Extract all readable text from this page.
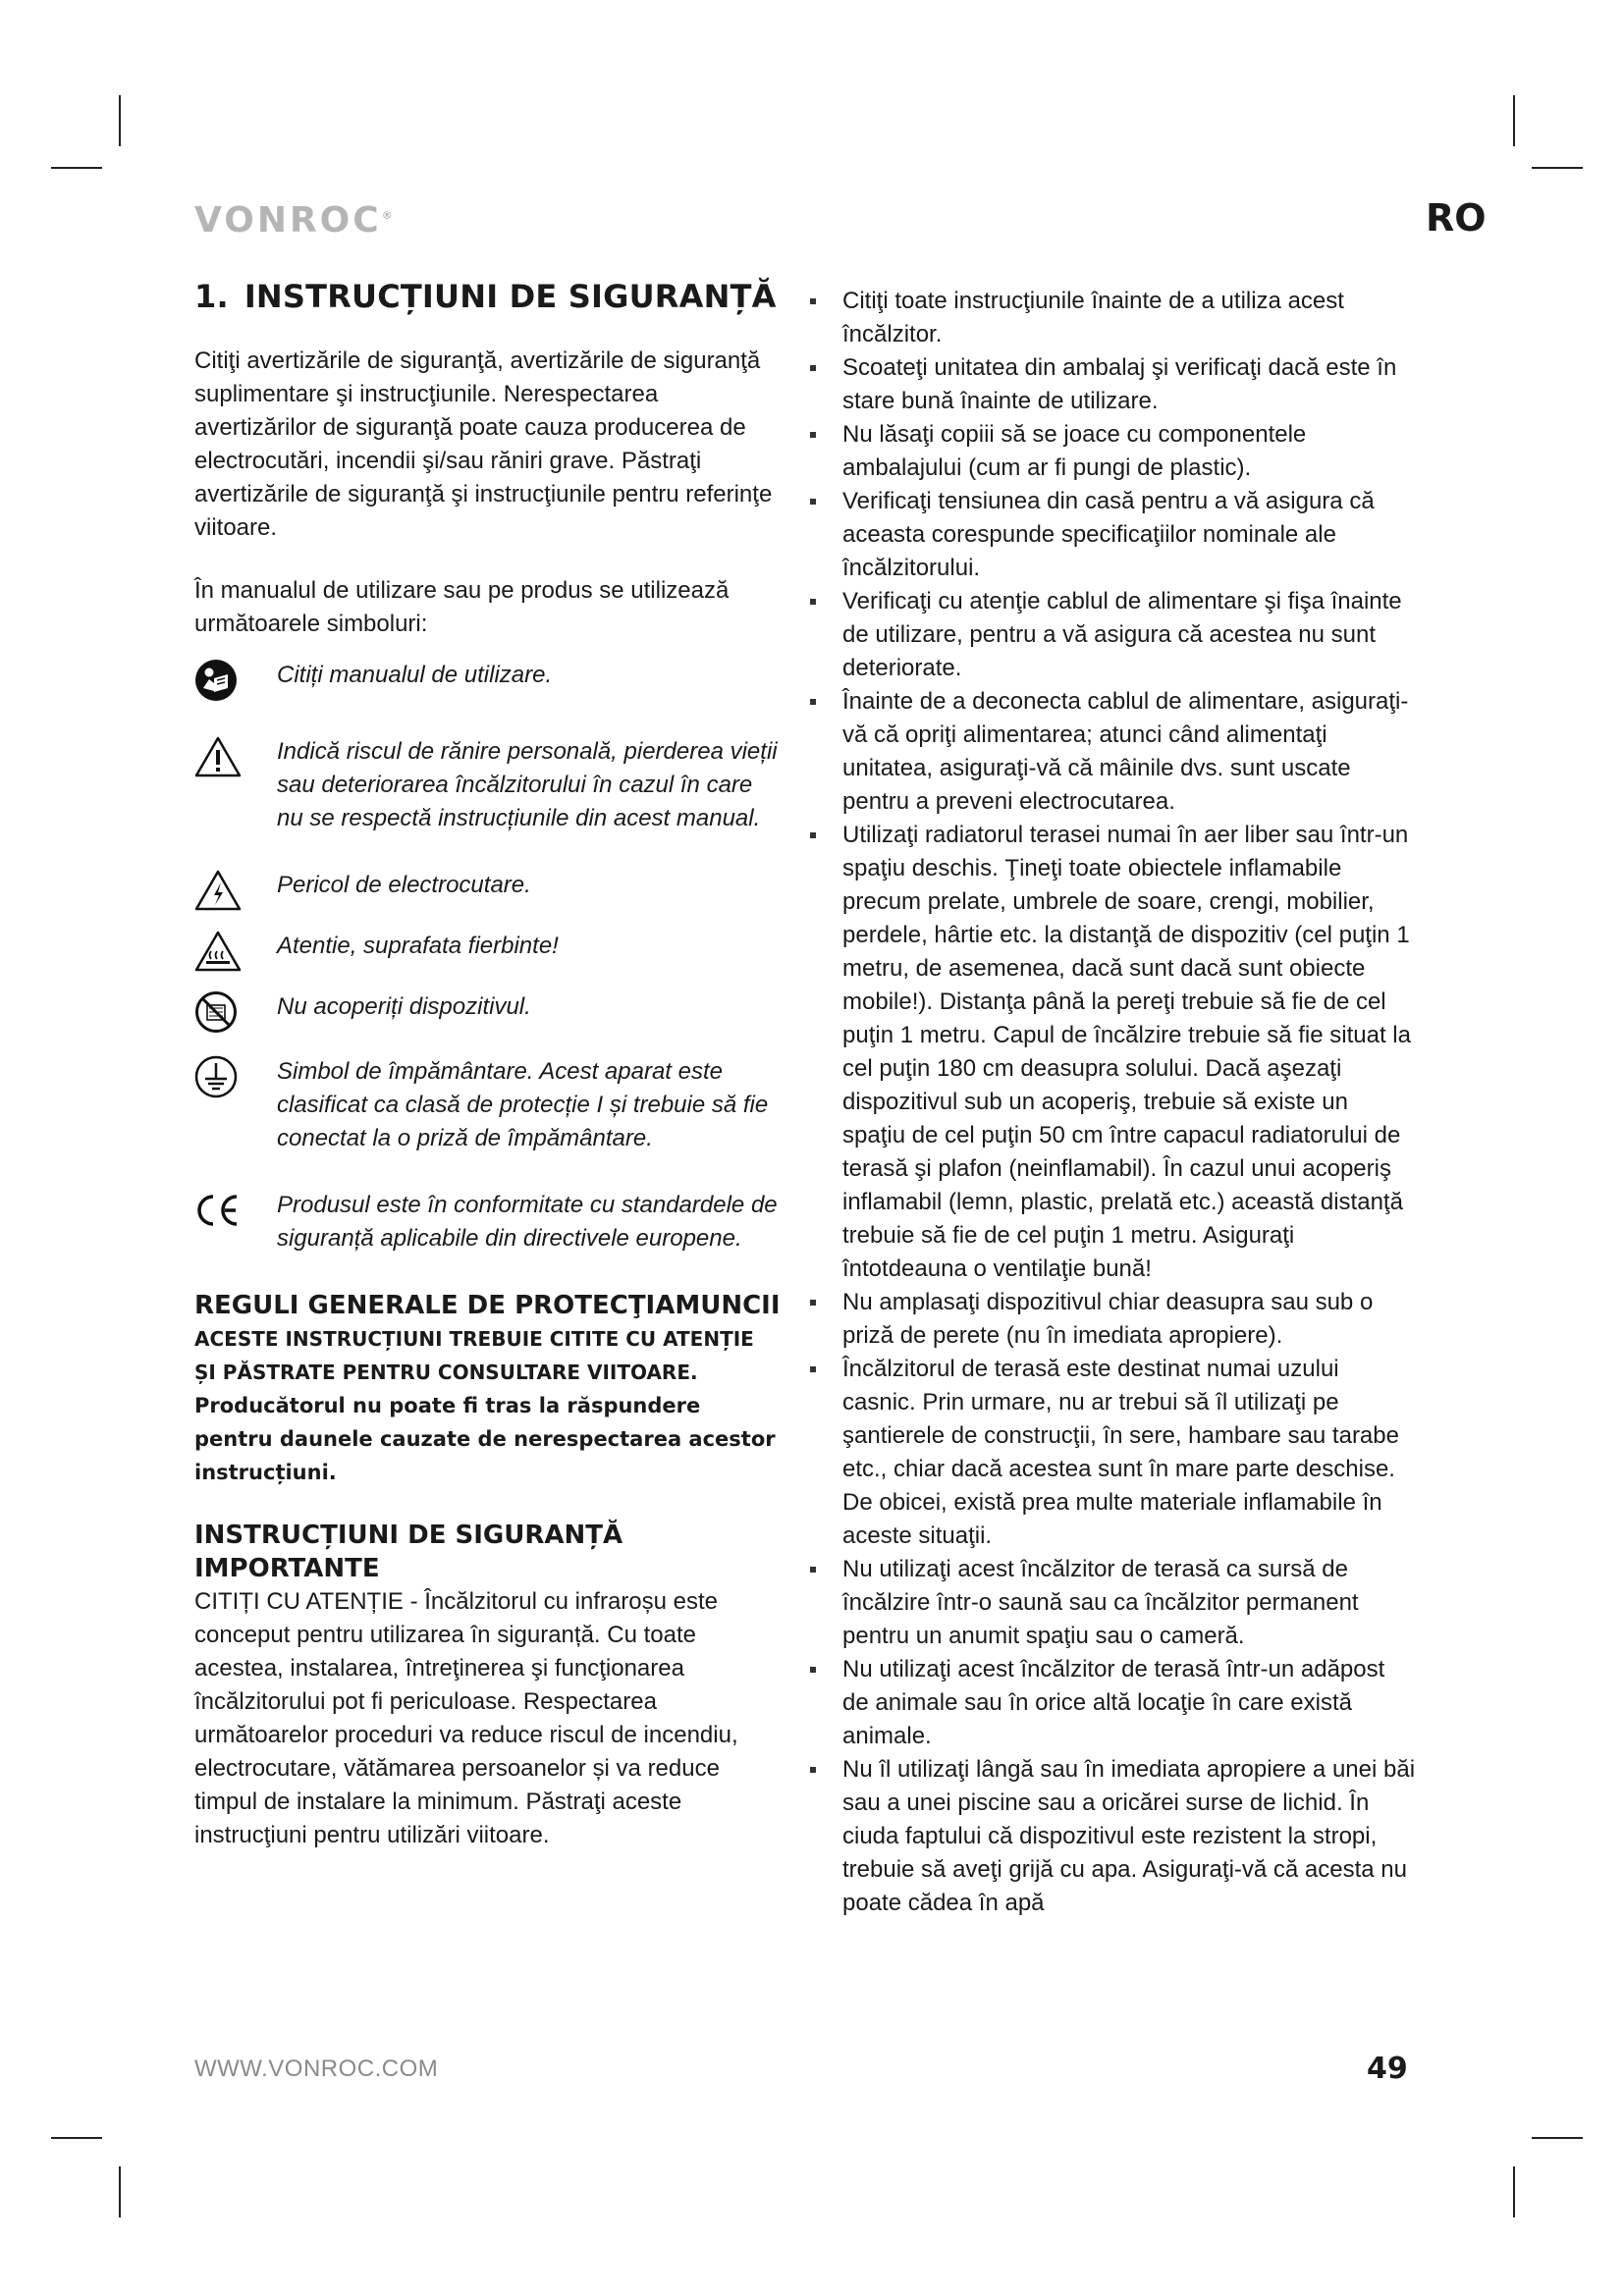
VONROC®	RO
1. INSTRUCȚIUNI DE SIGURANȚĂ

Citiţi avertizările de siguranţă, avertizările de siguranţă suplimentare şi instrucţiunile. Nerespectarea avertizărilor de siguranţă poate cauza producerea de electrocutări, incendii şi/sau răniri grave. Păstraţi avertizările de siguranţă şi instrucţiunile pentru referinţe viitoare.

În manualul de utilizare sau pe produs se utilizează următoarele simboluri:

Citiți manualul de utilizare.
Indică riscul de rănire personală, pierderea vieții sau deteriorarea încălzitorului în cazul în care nu se respectă instrucțiunile din acest manual.
Pericol de electrocutare.
Atentie, suprafata fierbinte!
Nu acoperiți dispozitivul.
Simbol de împământare. Acest aparat este clasificat ca clasă de protecție I și trebuie să fie conectat la o priză de împământare.
Produsul este în conformitate cu standardele de siguranță aplicabile din directivele europene.
REGULI GENERALE DE PROTECŢIAMUNCII

ACESTE INSTRUCȚIUNI TREBUIE CITITE CU ATENȚIE ȘI PĂSTRATE PENTRU CONSULTARE VIITOARE.

Producătorul nu poate fi tras la răspundere pentru daunele cauzate de nerespectarea acestor instrucțiuni.

INSTRUCȚIUNI DE SIGURANȚĂ IMPORTANTE

CITIȚI CU ATENȚIE - Încălzitorul cu infraroșu este conceput pentru utilizarea în siguranță. Cu toate acestea, instalarea, întreţinerea şi funcţionarea încălzitorului pot fi periculoase. Respectarea următoarelor proceduri va reduce riscul de incendiu, electrocutare, vătămarea persoanelor și va reduce timpul de instalare la minimum. Păstraţi aceste instrucţiuni pentru utilizări viitoare.

Citiţi toate instrucţiunile înainte de a utiliza acest încălzitor.
Scoateţi unitatea din ambalaj şi verificaţi dacă este în stare bună înainte de utilizare.
Nu lăsaţi copiii să se joace cu componentele ambalajului (cum ar fi pungi de plastic).
Verificaţi tensiunea din casă pentru a vă asigura că aceasta corespunde specificaţiilor nominale ale încălzitorului.
Verificaţi cu atenţie cablul de alimentare şi fişa înainte de utilizare, pentru a vă asigura că acestea nu sunt deteriorate.
Înainte de a deconecta cablul de alimentare, asiguraţi-vă că opriţi alimentarea; atunci când alimentaţi unitatea, asiguraţi-vă că mâinile dvs. sunt uscate pentru a preveni electrocutarea.
Utilizaţi radiatorul terasei numai în aer liber sau într-un spaţiu deschis. Ţineţi toate obiectele inflamabile precum prelate, umbrele de soare, crengi, mobilier, perdele, hârtie etc. la distanţă de dispozitiv (cel puţin 1 metru, de asemenea, dacă sunt dacă sunt obiecte mobile!). Distanţa până la pereţi trebuie să fie de cel puţin 1 metru. Capul de încălzire trebuie să fie situat la cel puţin 180 cm deasupra solului. Dacă aşezaţi dispozitivul sub un acoperiş, trebuie să existe un spaţiu de cel puţin 50 cm între capacul radiatorului de terasă şi plafon (neinflamabil). În cazul unui acoperiş inflamabil (lemn, plastic, prelată etc.) această distanţă trebuie să fie de cel puţin 1 metru. Asiguraţi întotdeauna o ventilaţie bună!
Nu amplasaţi dispozitivul chiar deasupra sau sub o priză de perete (nu în imediata apropiere).
Încălzitorul de terasă este destinat numai uzului casnic. Prin urmare, nu ar trebui să îl utilizaţi pe şantierele de construcţii, în sere, hambare sau tarabe etc., chiar dacă acestea sunt în mare parte deschise. De obicei, există prea multe materiale inflamabile în aceste situaţii.
Nu utilizaţi acest încălzitor de terasă ca sursă de încălzire într-o saună sau ca încălzitor permanent pentru un anumit spaţiu sau o cameră.
Nu utilizaţi acest încălzitor de terasă într-un adăpost de animale sau în orice altă locaţie în care există animale.
Nu îl utilizaţi lângă sau în imediata apropiere a unei băi sau a unei piscine sau a oricărei surse de lichid. În ciuda faptului că dispozitivul este rezistent la stropi, trebuie să aveţi grijă cu apa. Asiguraţi-vă că acesta nu poate cădea în apă
WWW.VONROC.COM	49
